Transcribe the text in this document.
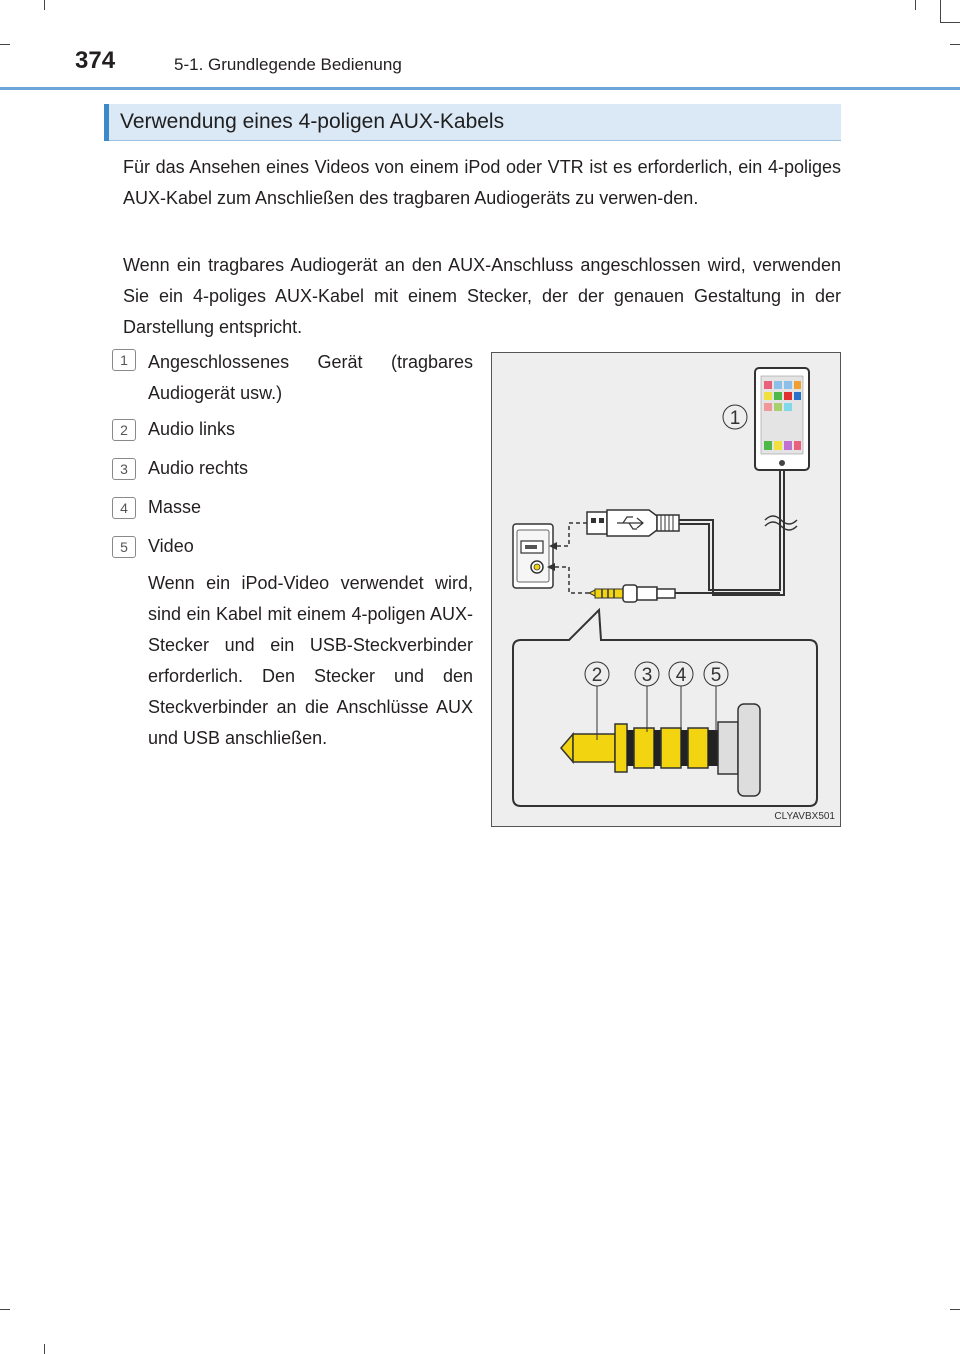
374	5-1. Grundlegende Bedienung
Verwendung eines 4-poligen AUX-Kabels
Für das Ansehen eines Videos von einem iPod oder VTR ist es erforderlich, ein 4-poliges AUX-Kabel zum Anschließen des tragbaren Audiogeräts zu verwen-den.
Wenn ein tragbares Audiogerät an den AUX-Anschluss angeschlossen wird, verwenden Sie ein 4-poliges AUX-Kabel mit einem Stecker, der der genauen Gestaltung in der Darstellung entspricht.
1	Angeschlossenes Gerät (tragbares Audiogerät usw.)
2	Audio links
3	Audio rechts
4	Masse
5	Video
Wenn ein iPod-Video verwendet wird, sind ein Kabel mit einem 4-poligen AUX-Stecker und ein USB-Steckverbinder erforderlich. Den Stecker und den Steckverbinder an die Anschlüsse AUX und USB anschließen.
1
2 3 4 5
CLYAVBX501
